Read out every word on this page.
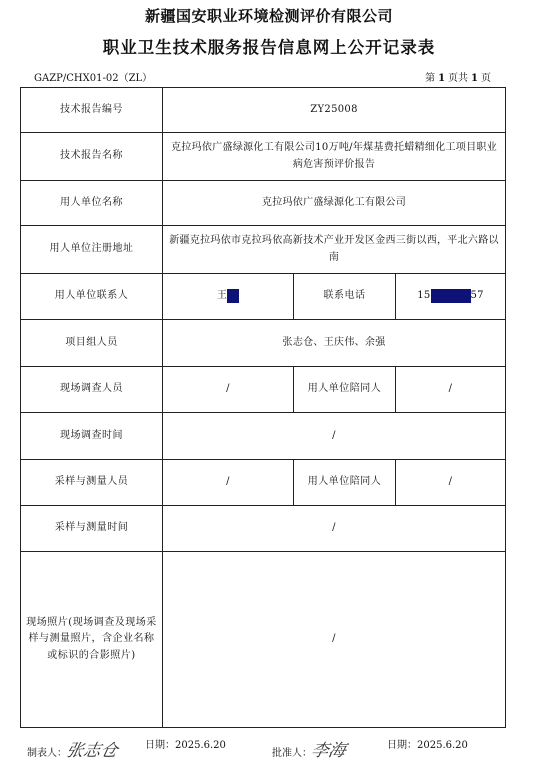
新疆国安职业环境检测评价有限公司
职业卫生技术服务报告信息网上公开记录表
GAZP/CHX01-02（ZL）	第 1 页共 1 页
技术报告编号	ZY25008		
技术报告名称	克拉玛依广盛绿源化工有限公司10万吨/年煤基费托蜡精细化工项目职业病危害预评价报告		
用人单位名称	克拉玛依广盛绿源化工有限公司		
用人单位注册地址	新疆克拉玛依市克拉玛依高新技术产业开发区金西三街以西，平北六路以南		
用人单位联系人	王	联系电话	15 57
项目组人员	张志仓、王庆伟、余强		
现场调查人员	/	用人单位陪同人	/
现场调查时间	/		
采样与测量人员	/	用人单位陪同人	/
采样与测量时间	/		
现场照片(现场调查及现场采样与测量照片，含企业名称或标识的合影照片)	/		
制表人：张志仓	日期：2025.6.20
批准人：李海	日期：2025.6.20
